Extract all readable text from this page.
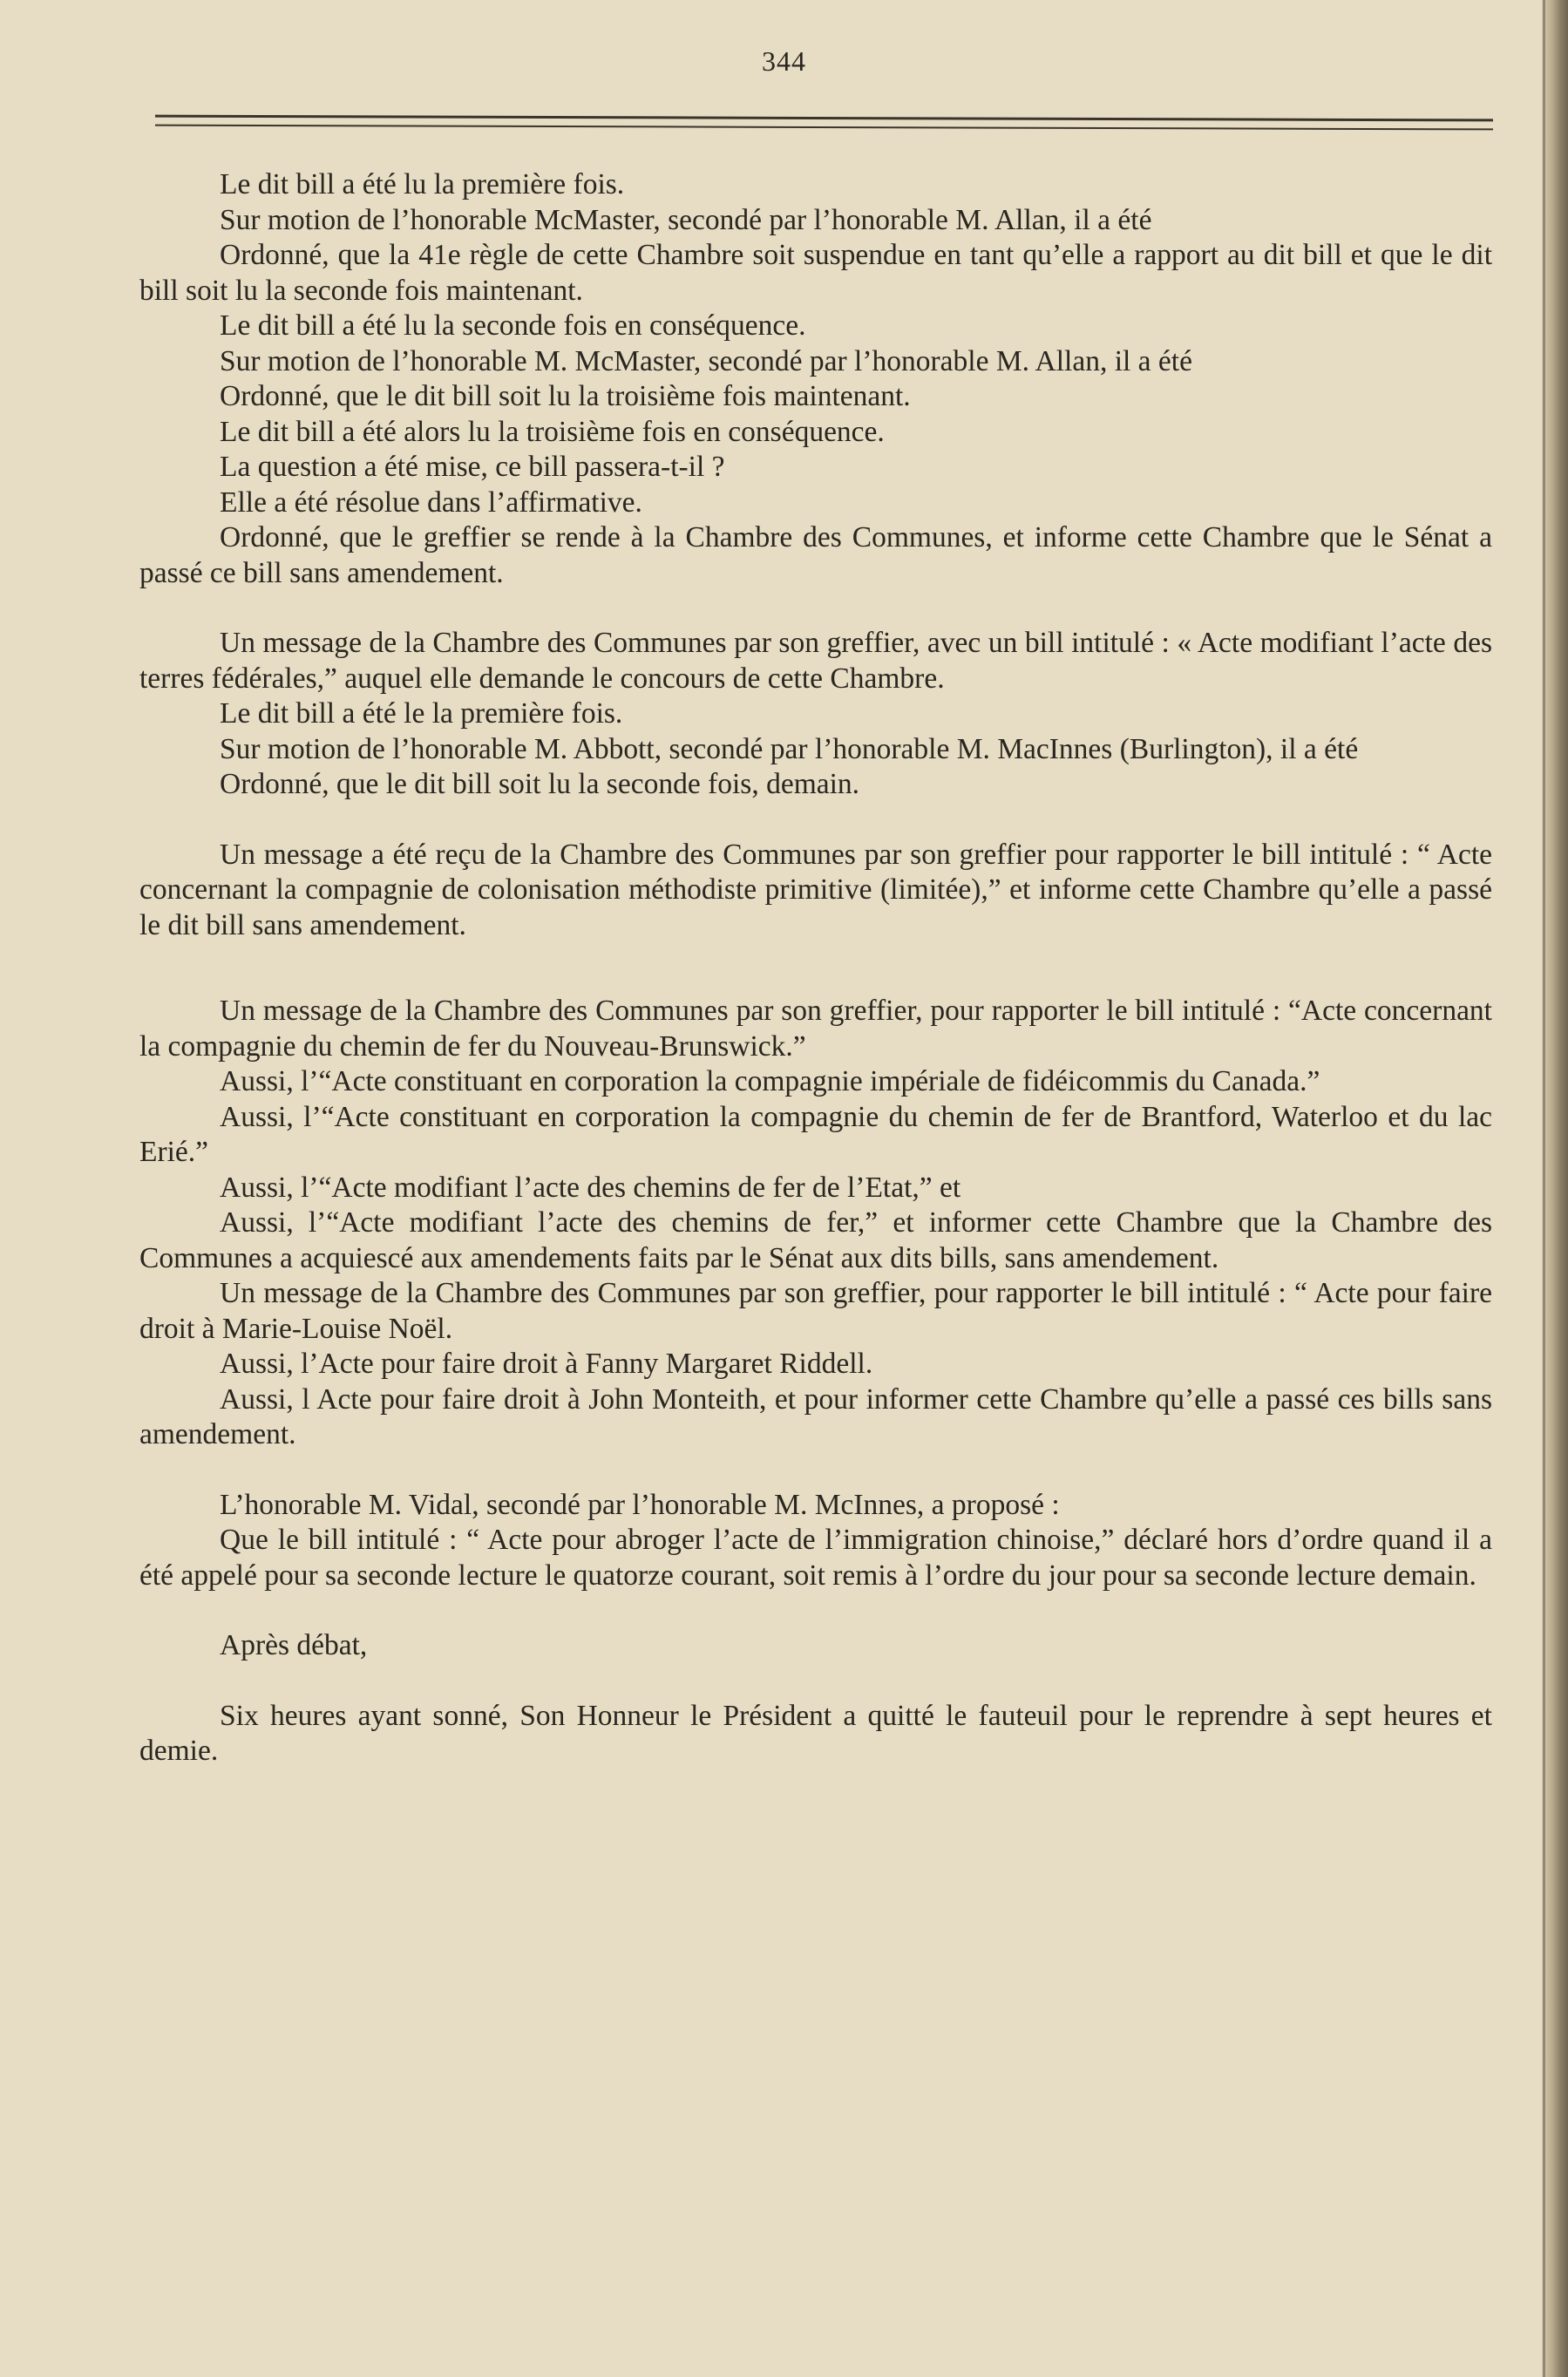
344

Le dit bill a été lu la première fois.

Sur motion de l’honorable McMaster, secondé par l’honorable M. Allan, il a été

Ordonné, que la 41e règle de cette Chambre soit suspendue en tant qu’elle a rapport au dit bill et que le dit bill soit lu la seconde fois maintenant.

Le dit bill a été lu la seconde fois en conséquence.

Sur motion de l’honorable M. McMaster, secondé par l’honorable M. Allan, il a été

Ordonné, que le dit bill soit lu la troisième fois maintenant.

Le dit bill a été alors lu la troisième fois en conséquence.

La question a été mise, ce bill passera-t-il ?

Elle a été résolue dans l’affirmative.

Ordonné, que le greffier se rende à la Chambre des Communes, et informe cette Chambre que le Sénat a passé ce bill sans amendement.

Un message de la Chambre des Communes par son greffier, avec un bill intitulé : « Acte modifiant l’acte des terres fédérales,” auquel elle demande le concours de cette Chambre.

Le dit bill a été le la première fois.

Sur motion de l’honorable M. Abbott, secondé par l’honorable M. MacInnes (Burlington), il a été

Ordonné, que le dit bill soit lu la seconde fois, demain.

Un message a été reçu de la Chambre des Communes par son greffier pour rapporter le bill intitulé : “ Acte concernant la compagnie de colonisation méthodiste primitive (limitée),” et informe cette Chambre qu’elle a passé le dit bill sans amendement.

Un message de la Chambre des Communes par son greffier, pour rapporter le bill intitulé : “Acte concernant la compagnie du chemin de fer du Nouveau-Brunswick.”

Aussi, l’“Acte constituant en corporation la compagnie impériale de fidéicommis du Canada.”

Aussi, l’“Acte constituant en corporation la compagnie du chemin de fer de Brantford, Waterloo et du lac Erié.”

Aussi, l’“Acte modifiant l’acte des chemins de fer de l’Etat,” et

Aussi, l’“Acte modifiant l’acte des chemins de fer,” et informer cette Chambre que la Chambre des Communes a acquiescé aux amendements faits par le Sénat aux dits bills, sans amendement.

Un message de la Chambre des Communes par son greffier, pour rapporter le bill intitulé : “ Acte pour faire droit à Marie-Louise Noël.

Aussi, l’Acte pour faire droit à Fanny Margaret Riddell.

Aussi, l Acte pour faire droit à John Monteith, et pour informer cette Chambre qu’elle a passé ces bills sans amendement.

L’honorable M. Vidal, secondé par l’honorable M. McInnes, a proposé :

Que le bill intitulé : “ Acte pour abroger l’acte de l’immigration chinoise,” déclaré hors d’ordre quand il a été appelé pour sa seconde lecture le quatorze courant, soit remis à l’ordre du jour pour sa seconde lecture demain.

Après débat,

Six heures ayant sonné, Son Honneur le Président a quitté le fauteuil pour le reprendre à sept heures et demie.
